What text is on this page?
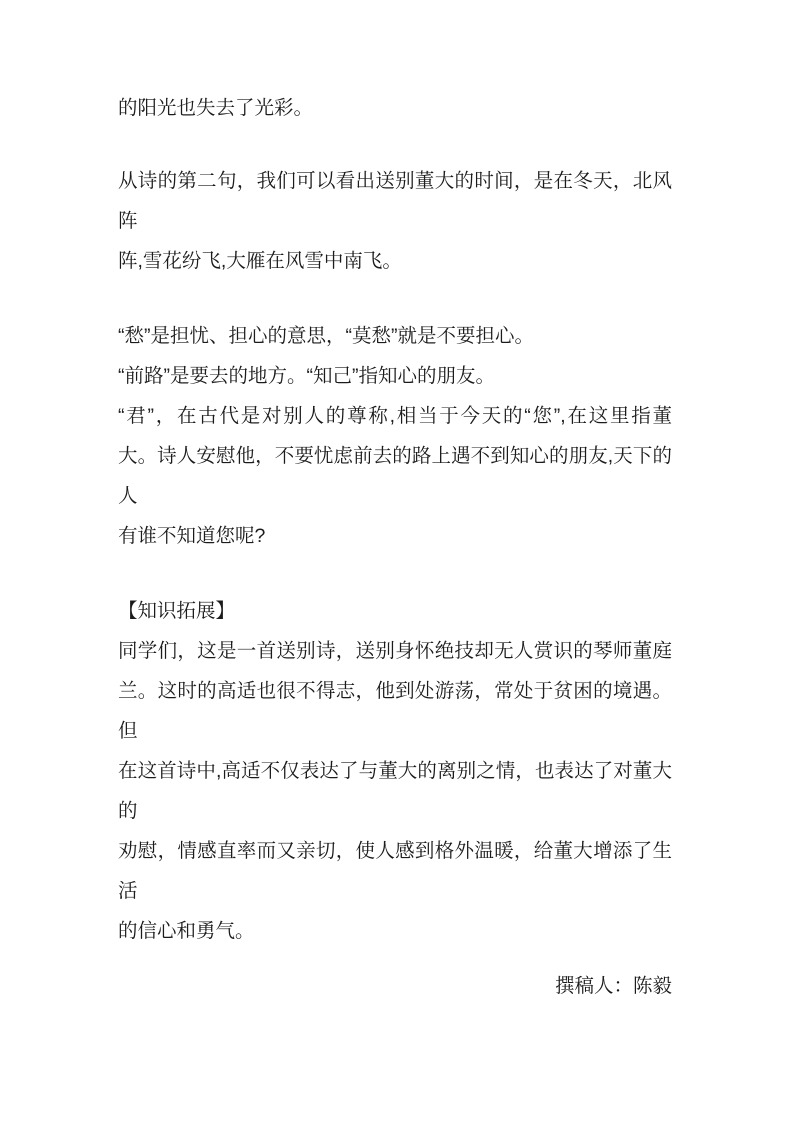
的阳光也失去了光彩。
从诗的第二句，我们可以看出送别董大的时间，是在冬天，北风阵
阵,雪花纷飞,大雁在风雪中南飞。
“愁”是担忧、担心的意思，“莫愁”就是不要担心。
“前路”是要去的地方。“知己”指知心的朋友。
“君”，在古代是对别人的尊称,相当于今天的“您”,在这里指董
大。诗人安慰他，不要忧虑前去的路上遇不到知心的朋友,天下的人
有谁不知道您呢?
【知识拓展】
同学们，这是一首送别诗，送别身怀绝技却无人赏识的琴师董庭
兰。这时的高适也很不得志，他到处游荡，常处于贫困的境遇。但
在这首诗中,高适不仅表达了与董大的离别之情，也表达了对董大的
劝慰，情感直率而又亲切，使人感到格外温暖，给董大增添了生活
的信心和勇气。
撰稿人：陈毅
